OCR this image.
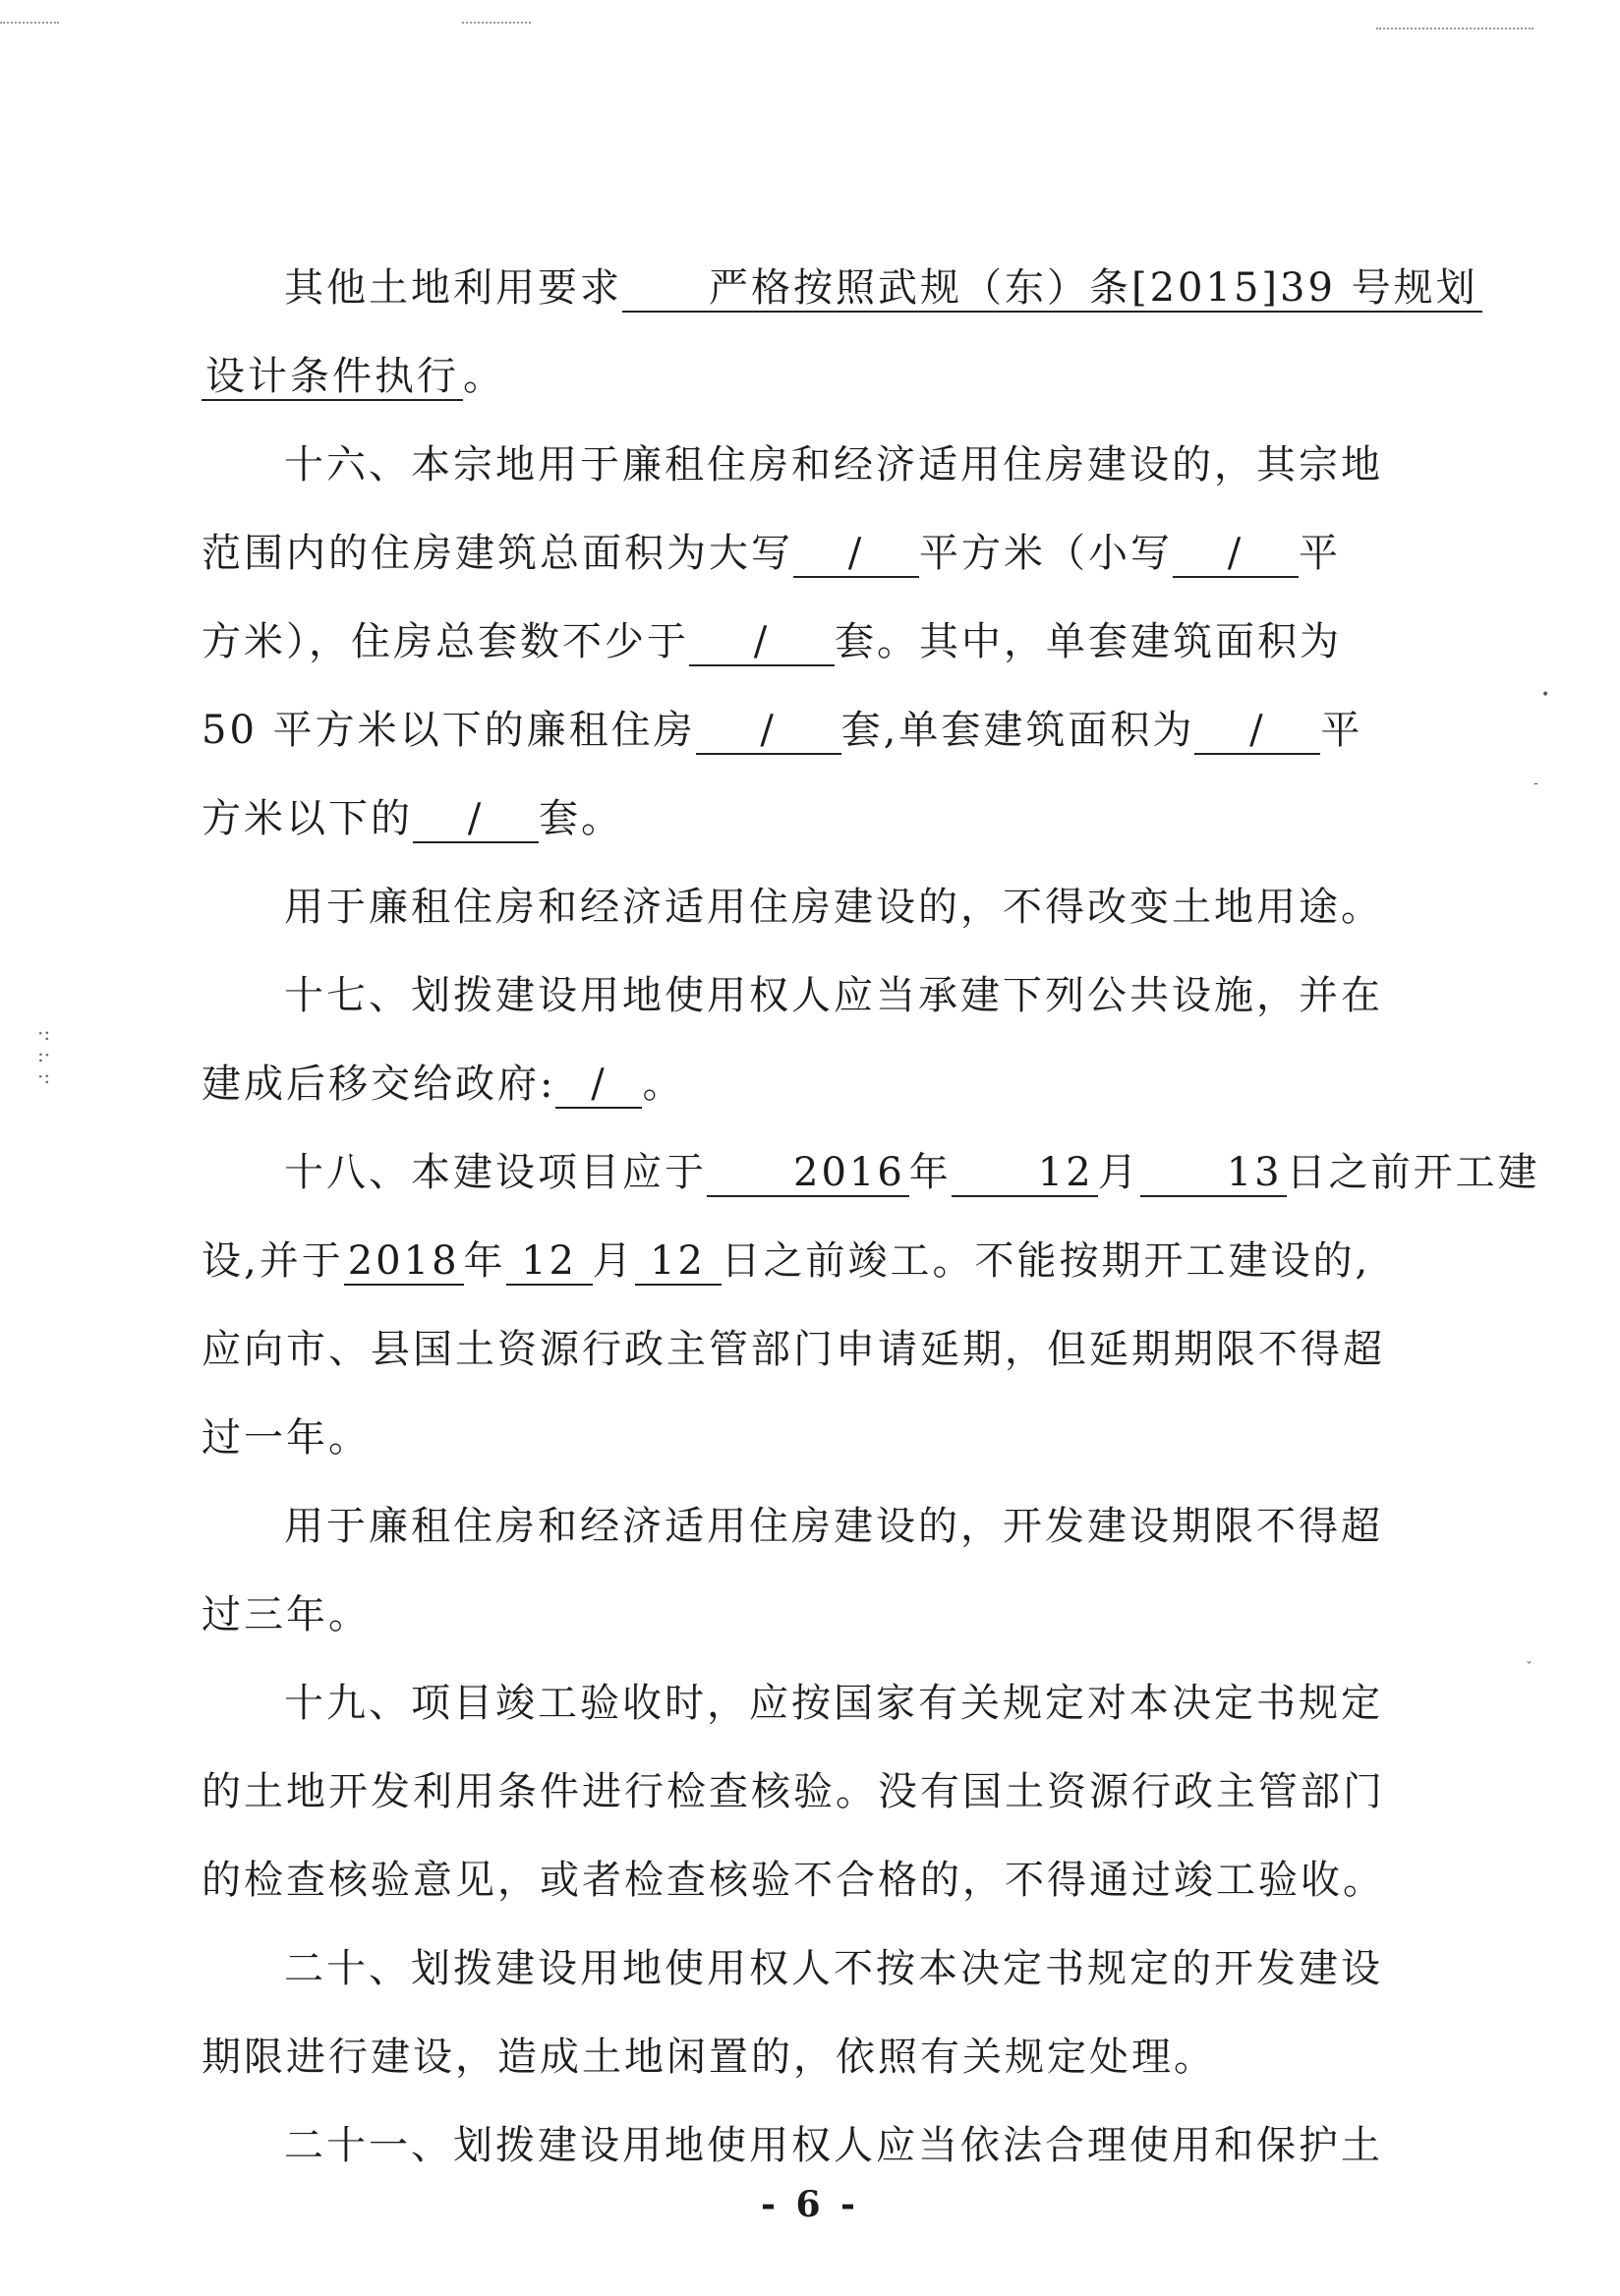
•
-
ˇ
·:
:·
·:

其他土地利用要求 严格按照武规（东）条[2015]39 号规划

设计条件执行 。

十六、本宗地用于廉租住房和经济适用住房建设的，其宗地

范围内的住房建筑总面积为大写 / 平方米（小写 / 平
方米），住房总套数不少于 / 套。其中，单套建筑面积为
50 平方米以下的廉租住房 / 套,单套建筑面积为 / 平
方米以下的 / 套。

用于廉租住房和经济适用住房建设的，不得改变土地用途。

十七、划拨建设用地使用权人应当承建下列公共设施，并在

建成后移交给政府: / 。

十八、本建设项目应于 2016 年 12 月 13 日之前开工建

设,并于 2018 年 12 月 12 日之前竣工。不能按期开工建设的,
应向市、县国土资源行政主管部门申请延期，但延期期限不得超
过一年。

用于廉租住房和经济适用住房建设的，开发建设期限不得超

过三年。

十九、项目竣工验收时，应按国家有关规定对本决定书规定

的土地开发利用条件进行检查核验。没有国土资源行政主管部门
的检查核验意见，或者检查核验不合格的，不得通过竣工验收。

二十、划拨建设用地使用权人不按本决定书规定的开发建设

期限进行建设，造成土地闲置的，依照有关规定处理。

二十一、划拨建设用地使用权人应当依法合理使用和保护土

- 6 -
